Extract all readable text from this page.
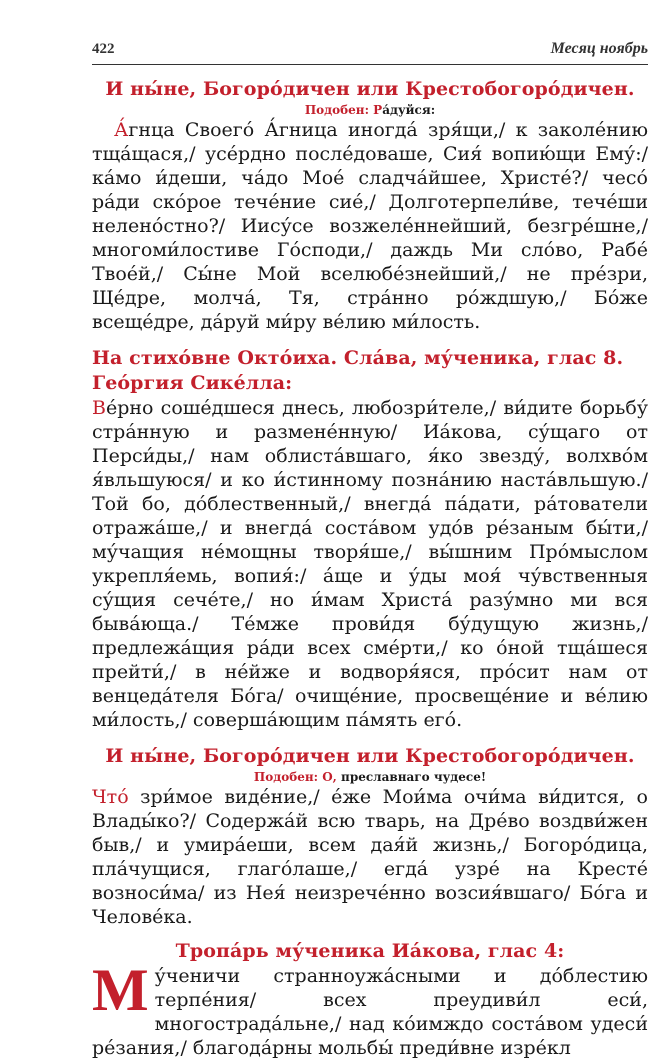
422	Месяц ноябрь

И ны́не, Богоро́дичен или Крестобогоро́дичен.

Подобен: Ра́дуйся:

А́гнца Своего́ А́гница иногда́ зря́щи,/ к заколе́нию тща́щася,/ усе́рдно после́доваше, Сия́ вопию́щи Ему́:/ ка́мо и́деши, ча́до Мое́ сладча́йшее, Христе́?/ чесо́ ра́ди ско́рое тече́ние сие́,/ Долготерпели́ве, тече́ши нелено́стно?/ Иису́се возжеле́ннейший, безгре́шне,/ многоми́лостиве Го́споди,/ даждь Ми сло́во, Рабе́ Твое́й,/ Сы́не Мой вселюбе́знейший,/ не пре́зри, Ще́дре, молча́, Тя, стра́нно ро́ждшую,/ Бо́же всеще́дре, да́руй ми́ру ве́лию ми́лость.

На стихо́вне Окто́иха. Сла́ва, му́ченика, глас 8. Гео́ргия Сике́лла:

Ве́рно соше́дшеся днесь, любозри́теле,/ ви́дите борьбу́ стра́нную и размене́нную/ Иа́кова, су́щаго от Перси́ды,/ нам облиста́вшаго, я́ко звезду́, волхво́м я́вльшуюся/ и ко и́стинному позна́нию наста́вльшую./ Той бо, до́блественный,/ внегда́ па́дати, ра́тователи отража́ше,/ и внегда́ соста́вом удо́в ре́заным бы́ти,/ му́чащия не́мощны творя́ше,/ вы́шним Про́мыслом укрепля́емь, вопия́:/ а́ще и у́ды моя́ чу́вственныя су́щия сече́те,/ но и́мам Христа́ разу́мно ми вся быва́юща./ Те́мже прови́дя бу́дущую жизнь,/ предлежа́щия ра́ди всех сме́рти,/ ко о́ной тща́шеся прейти́,/ в не́йже и водворя́яся, про́сит нам от венцеда́теля Бо́га/ очище́ние, просвеще́ние и ве́лию ми́лость,/ соверша́ющим па́мять его́.

И ны́не, Богоро́дичен или Крестобогоро́дичен.

Подобен: О, преславнаго чудесе!

Что́ зри́мое виде́ние,/ е́же Мои́ма очи́ма ви́дится, о Влады́ко?/ Содержа́й всю тварь, на Дре́во воздви́жен быв,/ и умира́еши, всем дая́й жизнь,/ Богоро́дица, пла́чущися, глаго́лаше,/ егда́ узре́ на Кресте́ возноси́ма/ из Нея́ неизрече́нно возсия́вшаго/ Бо́га и Челове́ка.

Тропа́рь му́ченика Иа́кова, глас 4:

Му́ченичи странноужа́сными и до́блестию терпе́ния/ всех преудиви́л еси́, многострада́льне,/ над ко́имждо соста́вом удеси́ ре́зания,/ благода́рны мольбы́ преди́вне изре́кл
